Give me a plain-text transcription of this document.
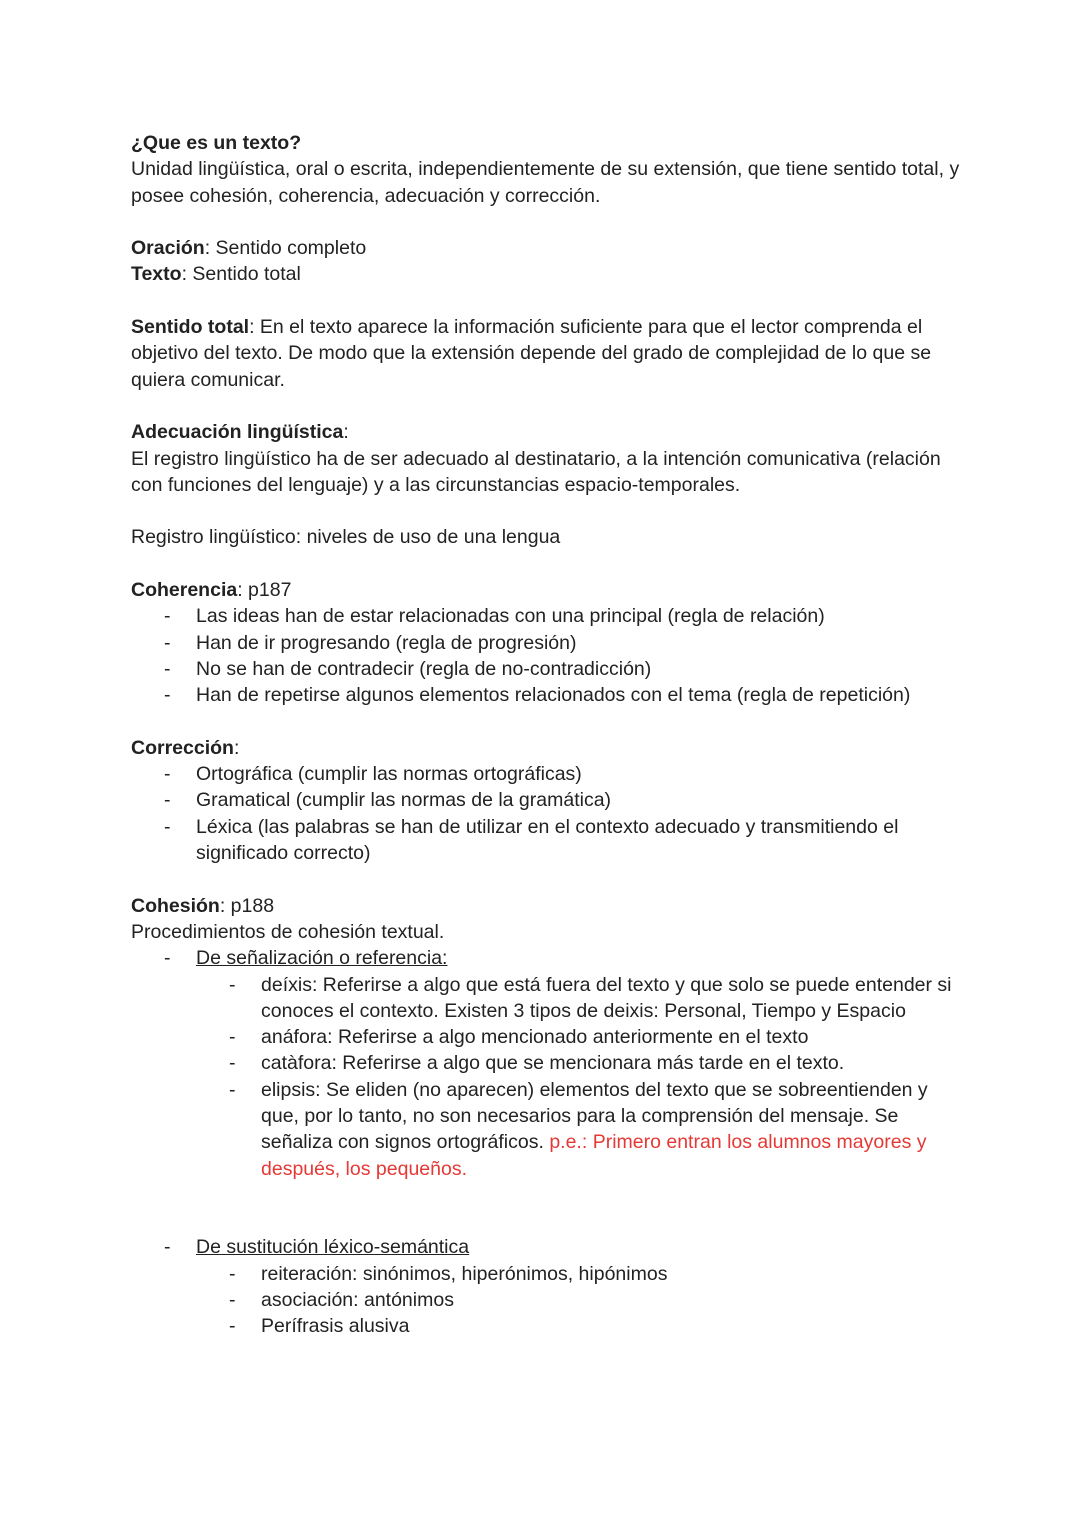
¿Que es un texto?

Unidad lingüística, oral o escrita, independientemente de su extensión, que tiene sentido total, y posee cohesión, coherencia, adecuación y corrección.

Oración: Sentido completo

Texto: Sentido total

Sentido total: En el texto aparece la información suficiente para que el lector comprenda el objetivo del texto. De modo que la extensión depende del grado de complejidad de lo que se quiera comunicar.

Adecuación lingüística:

El registro lingüístico ha de ser adecuado al destinatario, a la intención comunicativa (relación con funciones del lenguaje) y a las circunstancias espacio-temporales.

Registro lingüístico: niveles de uso de una lengua

Coherencia: p187

- Las ideas han de estar relacionadas con una principal (regla de relación)
- Han de ir progresando (regla de progresión)
- No se han de contradecir (regla de no-contradicción)
- Han de repetirse algunos elementos relacionados con el tema (regla de repetición)

Corrección:

- Ortográfica (cumplir las normas ortográficas)
- Gramatical (cumplir las normas de la gramática)
- Léxica (las palabras se han de utilizar en el contexto adecuado y transmitiendo el significado correcto)

Cohesión: p188

Procedimientos de cohesión textual.

- De señalización o referencia:
- deíxis: Referirse a algo que está fuera del texto y que solo se puede entender si conoces el contexto. Existen 3 tipos de deixis: Personal, Tiempo y Espacio
- anáfora: Referirse a algo mencionado anteriormente en el texto
- catàfora: Referirse a algo que se mencionara más tarde en el texto.
- elipsis: Se eliden (no aparecen) elementos del texto que se sobreentienden y que, por lo tanto, no son necesarios para la comprensión del mensaje. Se señaliza con signos ortográficos. p.e.: Primero entran los alumnos mayores y después, los pequeños.
- De sustitución léxico-semántica
- reiteración: sinónimos, hiperónimos, hipónimos
- asociación: antónimos
- Perífrasis alusiva
